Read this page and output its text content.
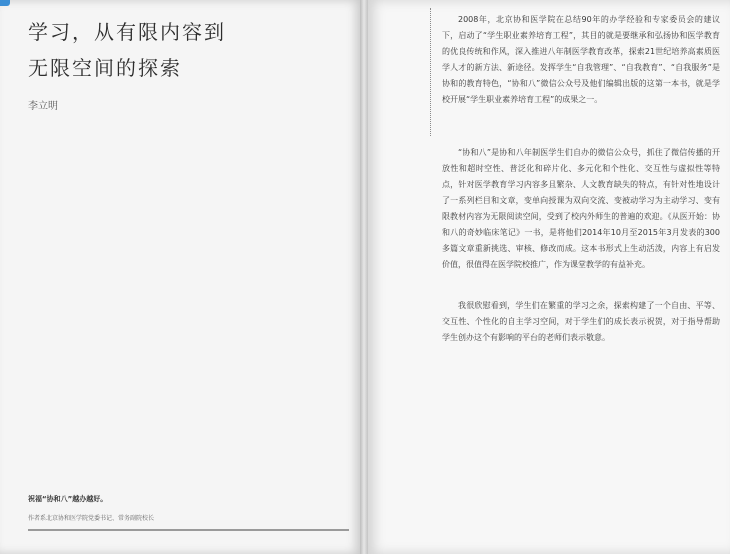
学习，从有限内容到
无限空间的探索

李立明

祝福“协和八”越办越好。

作者系北京协和医学院党委书记、常务副院校长

2008年，北京协和医学院在总结90年的办学经验和专家委员会的建议下，启动了“学生职业素养培育工程”，其目的就是要继承和弘扬协和医学教育的优良传统和作风，深入推进八年制医学教育改革，探索21世纪培养高素质医学人才的新方法、新途径。发挥学生“自我管理”、“自我教育”、“自我服务”是协和的教育特色，“协和八”微信公众号及他们编辑出版的这第一本书，就是学校开展“学生职业素养培育工程”的成果之一。

“协和八”是协和八年制医学生们自办的微信公众号，抓住了微信传播的开放性和超时空性、普泛化和碎片化、多元化和个性化、交互性与虚拟性等特点，针对医学教育学习内容多且繁杂、人文教育缺失的特点，有针对性地设计了一系列栏目和文章，变单向授课为双向交流、变被动学习为主动学习、变有限教材内容为无限阅读空间，受到了校内外师生的普遍的欢迎。《从医开始：协和八的奇妙临床笔记》一书，是将他们2014年10月至2015年3月发表的300多篇文章重新挑选、审核、修改而成。这本书形式上生动活泼，内容上有启发价值，很值得在医学院校推广，作为课堂教学的有益补充。

我很欣慰看到，学生们在繁重的学习之余，探索构建了一个自由、平等、交互性、个性化的自主学习空间，对于学生们的成长表示祝贺，对于指导帮助学生创办这个有影响的平台的老师们表示敬意。
